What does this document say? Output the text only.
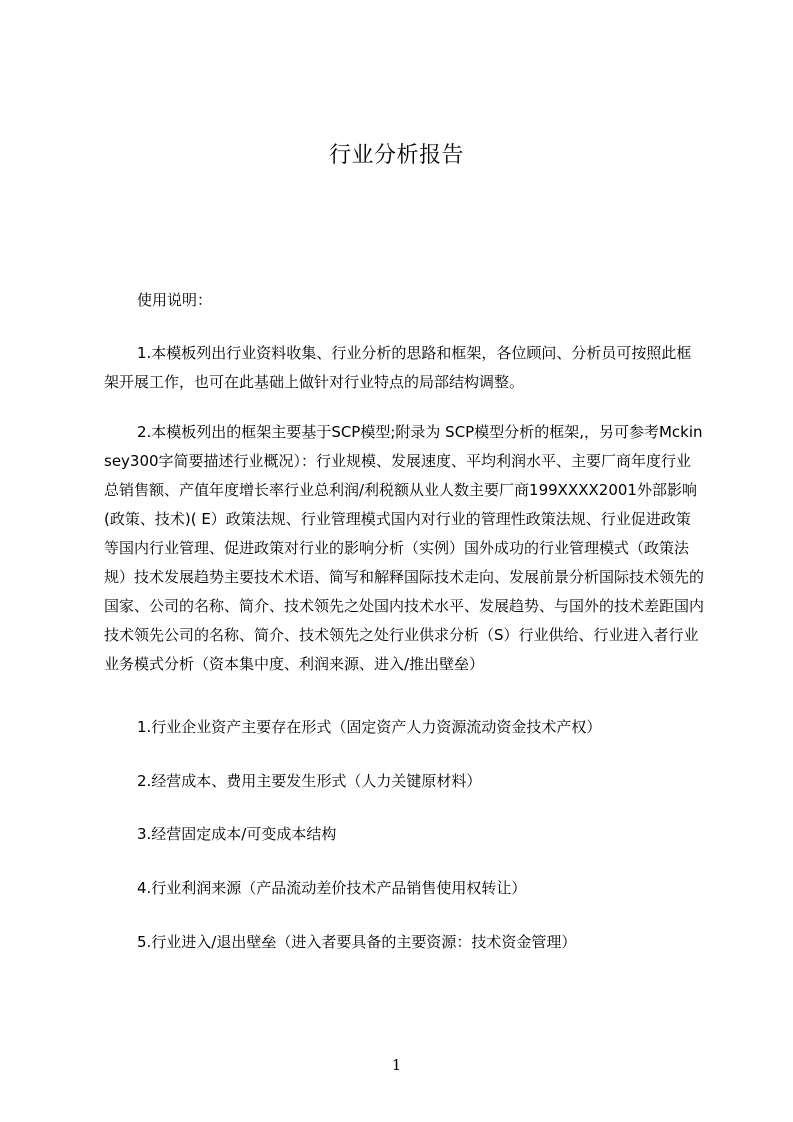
行业分析报告
使用说明：
1.本模板列出行业资料收集、行业分析的思路和框架，各位顾问、分析员可按照此框架开展工作，也可在此基础上做针对行业特点的局部结构调整。
2.本模板列出的框架主要基于SCP模型;附录为 SCP模型分析的框架,，另可参考Mckinsey300字简要描述行业概况）：行业规模、发展速度、平均利润水平、主要厂商年度行业总销售额、产值年度增长率行业总利润/利税额从业人数主要厂商199XXXX2001外部影响(政策、技术)( E）政策法规、行业管理模式国内对行业的管理性政策法规、行业促进政策等国内行业管理、促进政策对行业的影响分析（实例）国外成功的行业管理模式（政策法规）技术发展趋势主要技术术语、简写和解释国际技术走向、发展前景分析国际技术领先的国家、公司的名称、简介、技术领先之处国内技术水平、发展趋势、与国外的技术差距国内技术领先公司的名称、简介、技术领先之处行业供求分析（S）行业供给、行业进入者行业业务模式分析（资本集中度、利润来源、进入/推出壁垒）
1.行业企业资产主要存在形式（固定资产人力资源流动资金技术产权）
2.经营成本、费用主要发生形式（人力关键原材料）
3.经营固定成本/可变成本结构
4.行业利润来源（产品流动差价技术产品销售使用权转让）
5.行业进入/退出壁垒（进入者要具备的主要资源：技术资金管理）
1
